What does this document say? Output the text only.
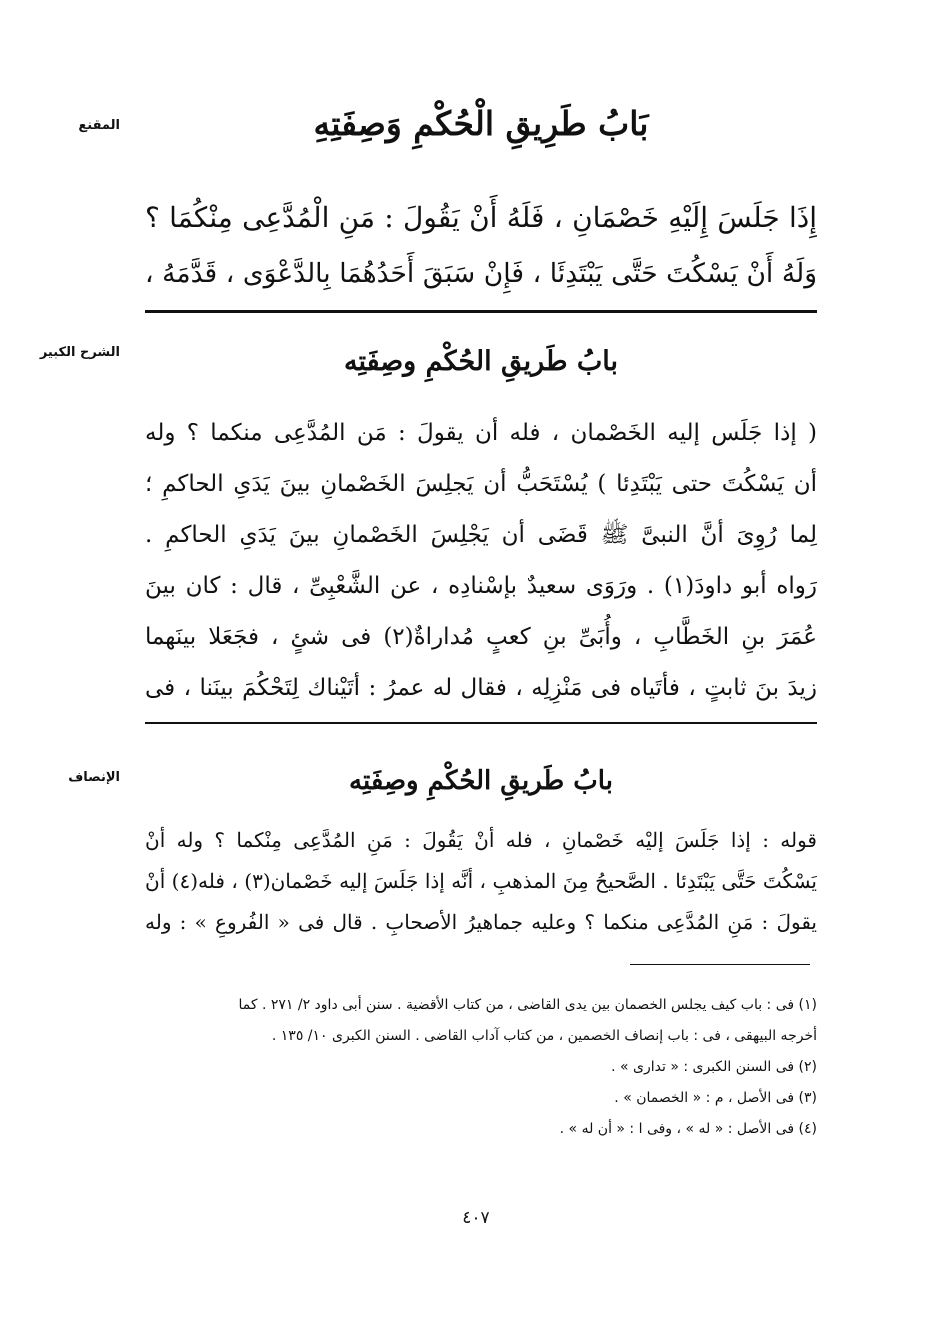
المقنع	بَابُ طَرِيقِ الْحُكْمِ وَصِفَتِهِ

إِذَا جَلَسَ إِلَيْهِ خَصْمَانِ ، فَلَهُ أَنْ يَقُولَ : مَنِ الْمُدَّعِى مِنْكُمَا ؟

وَلَهُ أَنْ يَسْكُتَ حَتَّى يَبْتَدِئَا ، فَإِنْ سَبَقَ أَحَدُهُمَا بِالدَّعْوَى ، قَدَّمَهُ ،

الشرح الكبير	بابُ طَريقِ الحُكْمِ وصِفَتِه

( إذا جَلَس إليه الخَصْمان ، فله أن يقولَ : مَن المُدَّعِى منكما ؟ وله

أن يَسْكُتَ حتى يَبْتَدِئا ) يُسْتَحَبُّ أن يَجلِسَ الخَصْمانِ بينَ يَدَىِ الحاكمِ ؛

لِما رُوِىَ أنَّ النبىَّ ﷺ قَضَى أن يَجْلِسَ الخَصْمانِ بينَ يَدَىِ الحاكمِ .

رَواه أبو داودَ(١) . ورَوَى سعيدٌ بإسْنادِه ، عن الشَّعْبِىِّ ، قال : كان بينَ

عُمَرَ بنِ الخَطَّابِ ، وأُبَىِّ بنِ كعبٍ مُداراةٌ(٢) فى شئٍ ، فجَعَلا بينَهما

زيدَ بنَ ثابتٍ ، فأتَياه فى مَنْزِلِه ، فقال له عمرُ : أتَيْناك لِتَحْكُمَ بينَنا ، فى

الإنصاف	بابُ طَريقِ الحُكْمِ وصِفَتِه

قوله : إذا جَلَسَ إليْه خَصْمانِ ، فله أنْ يَقُولَ : مَنِ المُدَّعِى مِنْكما ؟ وله أنْ

يَسْكُتَ حَتَّى يَبْتَدِئا . الصَّحيحُ مِنَ المذهبِ ، أنَّه إذا جَلَسَ إليه خَصْمان(٣) ، فله(٤) أنْ

يقولَ : مَنِ المُدَّعِى منكما ؟ وعليه جماهيرُ الأصحابِ . قال فى « الفُروعِ » : وله

(١) فى : باب كيف يجلس الخصمان بين يدى القاضى ، من كتاب الأقضية . سنن أبى داود ٢/ ٢٧١ . كما

أخرجه البيهقى ، فى : باب إنصاف الخصمين ، من كتاب آداب القاضى . السنن الكبرى ١٠/ ١٣٥ .

(٢) فى السنن الكبرى : « تدارى » .

(٣) فى الأصل ، م : « الخصمان » .

(٤) فى الأصل : « له » ، وفى ا : « أن له » .

٤٠٧
